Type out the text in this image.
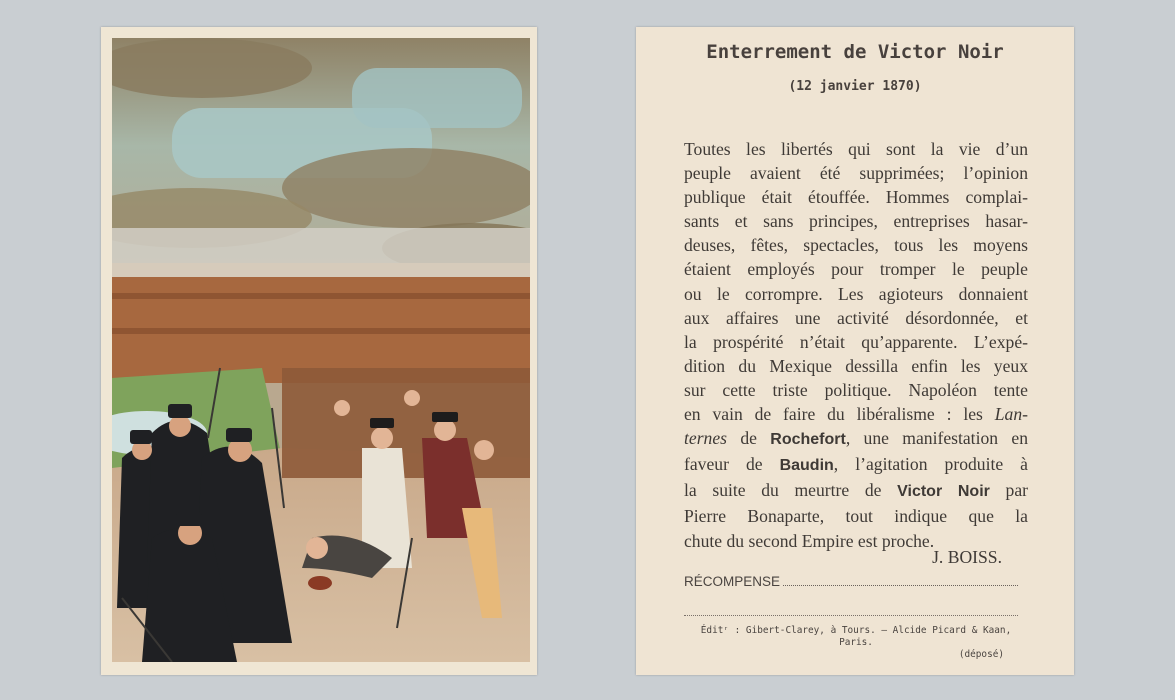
Enterrement de Victor Noir
(12 janvier 1870)
Toutes les libertés qui sont la vie d’un
peuple avaient été supprimées; l’opinion
publique était étouffée. Hommes complai-
sants et sans principes, entreprises hasar-
deuses, fêtes, spectacles, tous les moyens
étaient employés pour tromper le peuple
ou le corrompre. Les agioteurs donnaient
aux affaires une activité désordonnée, et
la prospérité n’était qu’apparente. L’expé-
dition du Mexique dessilla enfin les yeux
sur cette triste politique. Napoléon tente
en vain de faire du libéralisme : les Lan-
ternes de Rochefort, une manifestation en
faveur de Baudin, l’agitation produite à
la suite du meurtre de Victor Noir par
Pierre Bonaparte, tout indique que la
chute du second Empire est proche.
J. BOISS.
RÉCOMPENSE
Éditʳ : Gibert-Clarey, à Tours. — Alcide Picard & Kaan, Paris.
(déposé)
